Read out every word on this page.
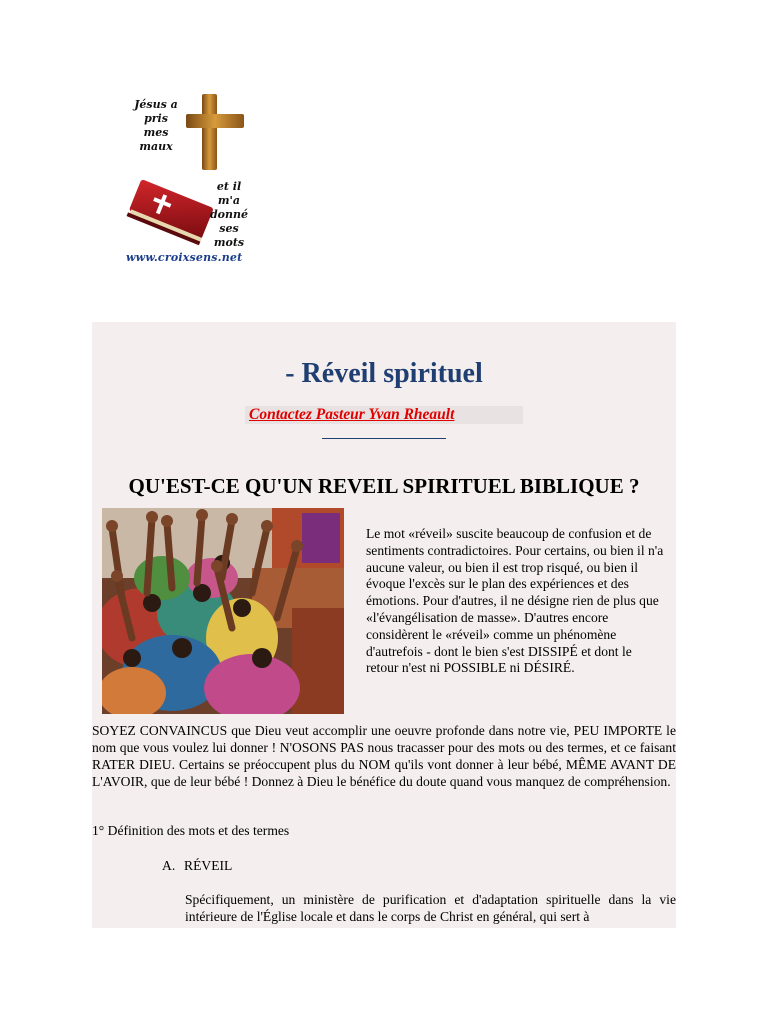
Jésus a pris mes maux
et il m'a donné ses mots
www.croixsens.net
- Réveil spirituel
Contactez Pasteur Yvan Rheault
QU'EST-CE QU'UN REVEIL SPIRITUEL BIBLIQUE ?
Le mot «réveil» suscite beaucoup de confusion et de sentiments contradictoires. Pour certains, ou bien il n'a aucune valeur, ou bien il est trop risqué, ou bien il évoque l'excès sur le plan des expériences et des émotions. Pour d'autres, il ne désigne rien de plus que «l'évangélisation de masse». D'autres encore considèrent le «réveil» comme un phénomène d'autrefois - dont le bien s'est DISSIPÉ et dont le retour n'est ni POSSIBLE ni DÉSIRÉ.
SOYEZ CONVAINCUS que Dieu veut accomplir une oeuvre profonde dans notre vie, PEU IMPORTE le nom que vous voulez lui donner ! N'OSONS PAS nous tracasser pour des mots ou des termes, et ce faisant RATER DIEU. Certains se préoccupent plus du NOM qu'ils vont donner à leur bébé, MÊME AVANT DE L'AVOIR, que de leur bébé ! Donnez à Dieu le bénéfice du doute quand vous manquez de compréhension.
1° Définition des mots et des termes
A. RÉVEIL
Spécifiquement, un ministère de purification et d'adaptation spirituelle dans la vie intérieure de l'Église locale et dans le corps de Christ en général, qui sert à
